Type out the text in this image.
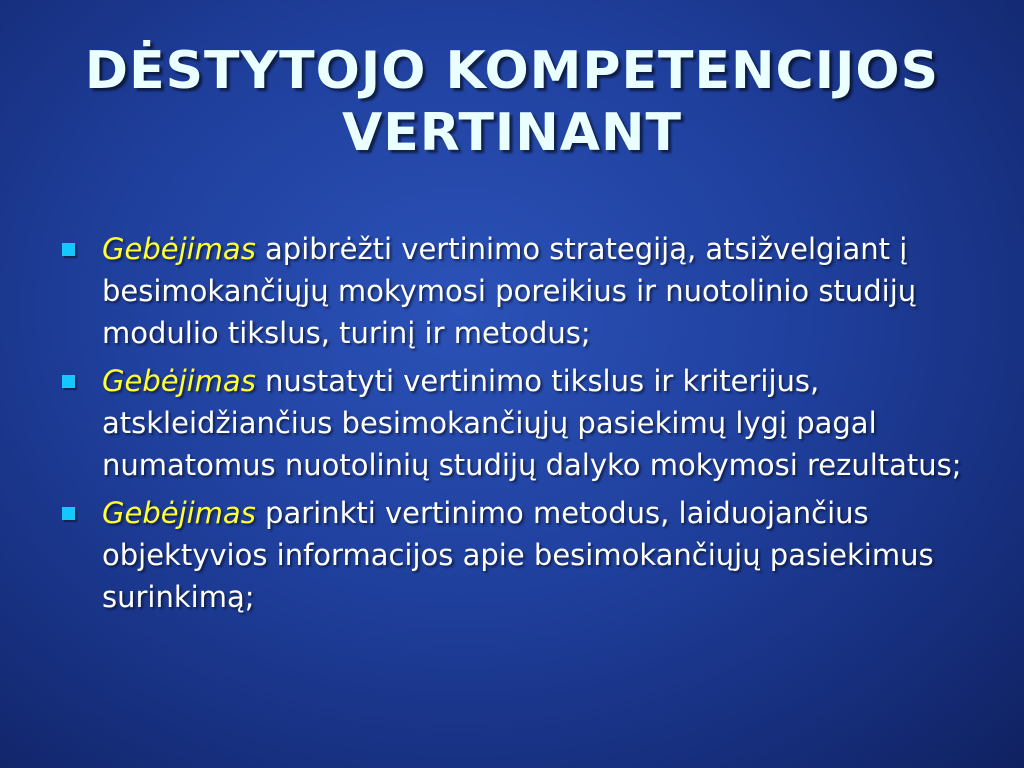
DĖSTYTOJO KOMPETENCIJOS
VERTINANT
Gebėjimas apibrėžti vertinimo strategiją, atsižvelgiant į besimokančiųjų mokymosi poreikius ir nuotolinio studijų modulio tikslus, turinį ir metodus;
Gebėjimas nustatyti vertinimo tikslus ir kriterijus, atskleidžiančius besimokančiųjų pasiekimų lygį pagal numatomus nuotolinių studijų dalyko mokymosi rezultatus;
Gebėjimas parinkti vertinimo metodus, laiduojančius objektyvios informacijos apie besimokančiųjų pasiekimus surinkimą;
